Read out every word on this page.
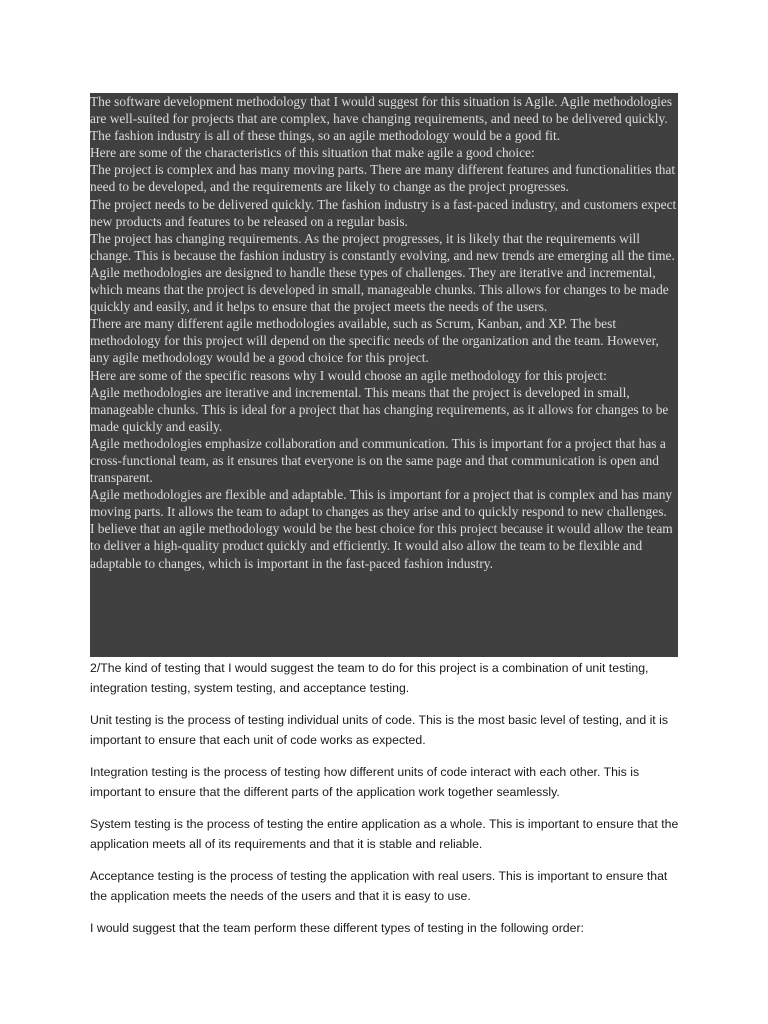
The software development methodology that I would suggest for this situation is Agile. Agile methodologies are well-suited for projects that are complex, have changing requirements, and need to be delivered quickly. The fashion industry is all of these things, so an agile methodology would be a good fit.

Here are some of the characteristics of this situation that make agile a good choice:

The project is complex and has many moving parts. There are many different features and functionalities that need to be developed, and the requirements are likely to change as the project progresses.

The project needs to be delivered quickly. The fashion industry is a fast-paced industry, and customers expect new products and features to be released on a regular basis.

The project has changing requirements. As the project progresses, it is likely that the requirements will change. This is because the fashion industry is constantly evolving, and new trends are emerging all the time.

Agile methodologies are designed to handle these types of challenges. They are iterative and incremental, which means that the project is developed in small, manageable chunks. This allows for changes to be made quickly and easily, and it helps to ensure that the project meets the needs of the users.

There are many different agile methodologies available, such as Scrum, Kanban, and XP. The best methodology for this project will depend on the specific needs of the organization and the team. However, any agile methodology would be a good choice for this project.

Here are some of the specific reasons why I would choose an agile methodology for this project:

Agile methodologies are iterative and incremental. This means that the project is developed in small, manageable chunks. This is ideal for a project that has changing requirements, as it allows for changes to be made quickly and easily.

Agile methodologies emphasize collaboration and communication. This is important for a project that has a cross-functional team, as it ensures that everyone is on the same page and that communication is open and transparent.

Agile methodologies are flexible and adaptable. This is important for a project that is complex and has many moving parts. It allows the team to adapt to changes as they arise and to quickly respond to new challenges.

I believe that an agile methodology would be the best choice for this project because it would allow the team to deliver a high-quality product quickly and efficiently. It would also allow the team to be flexible and adaptable to changes, which is important in the fast-paced fashion industry.

2/The kind of testing that I would suggest the team to do for this project is a combination of unit testing, integration testing, system testing, and acceptance testing.

Unit testing is the process of testing individual units of code. This is the most basic level of testing, and it is important to ensure that each unit of code works as expected.

Integration testing is the process of testing how different units of code interact with each other. This is important to ensure that the different parts of the application work together seamlessly.

System testing is the process of testing the entire application as a whole. This is important to ensure that the application meets all of its requirements and that it is stable and reliable.

Acceptance testing is the process of testing the application with real users. This is important to ensure that the application meets the needs of the users and that it is easy to use.

I would suggest that the team perform these different types of testing in the following order:
